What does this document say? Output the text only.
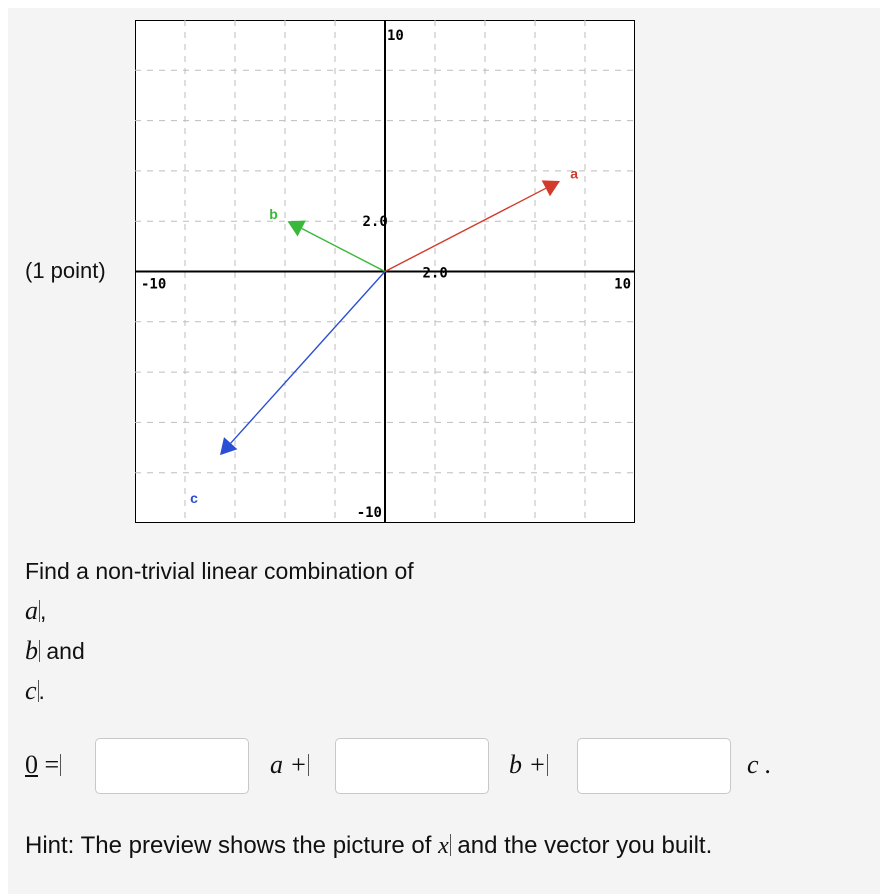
(1 point)
10
-10
-10	10
2.0
2.0
a
b
c
Find a non-trivial linear combination of
a,
b and
c.
0 =	a +	b +	c .
Hint: The preview shows the picture of x and the vector you built.
